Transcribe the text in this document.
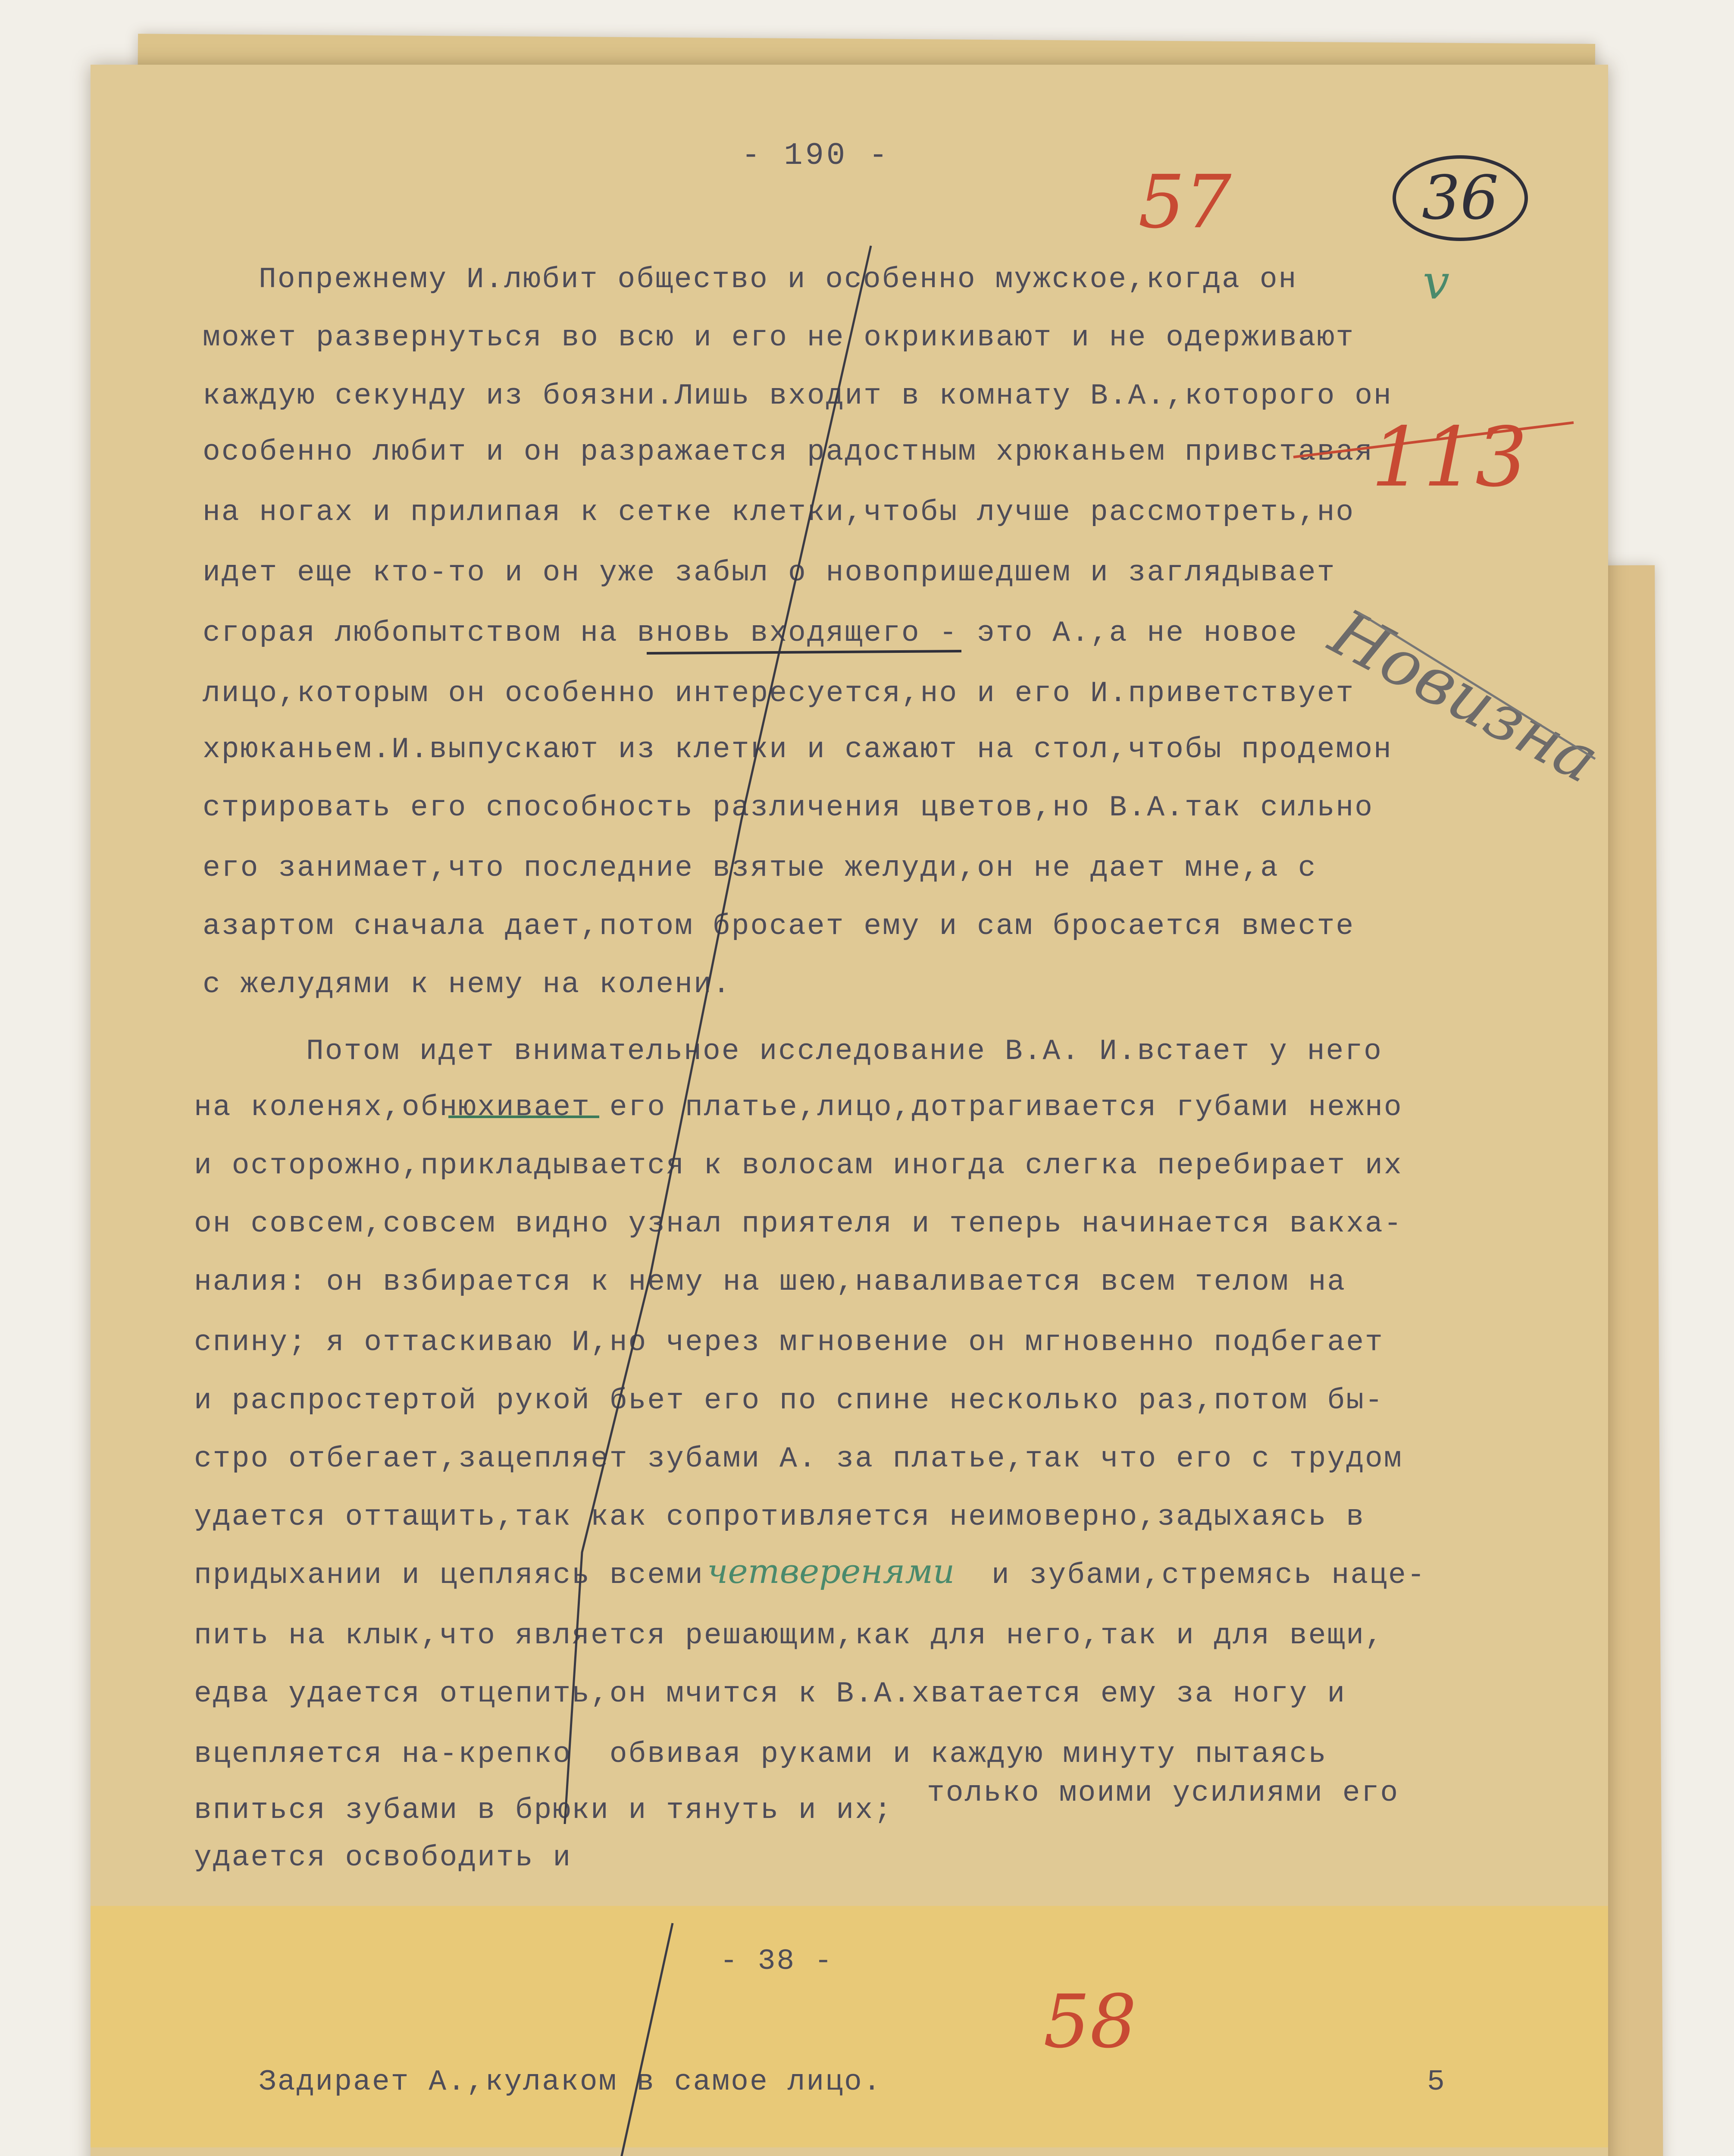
- 190 -
57	36
v
113
Новизна
Попрежнему И.любит общество и особенно мужское,когда он
может развернуться во всю и его не окрикивают и не одерживают
каждую секунду из боязни.Лишь входит в комнату В.А.,которого он
особенно любит и он разражается радостным хрюканьем привставая
на ногах и прилипая к сетке клетки,чтобы лучше рассмотреть,но
идет еще кто-то и он уже забыл о новопришедшем и заглядывает
сгорая любопытством на вновь входящего - это А.,а не новое
лицо,которым он особенно интересуется,но и его И.приветствует
хрюканьем.И.выпускают из клетки и сажают на стол,чтобы продемон
стрировать его способность различения цветов,но В.А.так сильно
его занимает,что последние взятые желуди,он не дает мне,а с
азартом сначала дает,потом бросает ему и сам бросается вместе
с желудями к нему на колени.
Потом идет внимательное исследование В.А. И.встает у него
на коленях,обнюхивает его платье,лицо,дотрагивается губами нежно
и осторожно,прикладывается к волосам иногда слегка перебирает их
он совсем,совсем видно узнал приятеля и теперь начинается вакха-
налия: он взбирается к нему на шею,наваливается всем телом на
спину; я оттаскиваю И,но через мгновение он мгновенно подбегает
и распростертой рукой бьет его по спине несколько раз,потом бы-
стро отбегает,зацепляет зубами А. за платье,так что его с трудом
удается оттащить,так как сопротивляется неимоверно,задыхаясь в
придыхании и цепляясь всеми четверенями и зубами,стремясь наце-
пить на клык,что является решающим,как для него,так и для вещи,
едва удается отцепить,он мчится к В.А.хватается ему за ногу и
вцепляется на-крепко  обвивая руками и каждую минуту пытаясь
впиться зубами в брюки и тянуть и их;
только моими усилиями его
удается освободить и
- 38 -
58
Задирает А.,кулаком в самое лицо.	5
